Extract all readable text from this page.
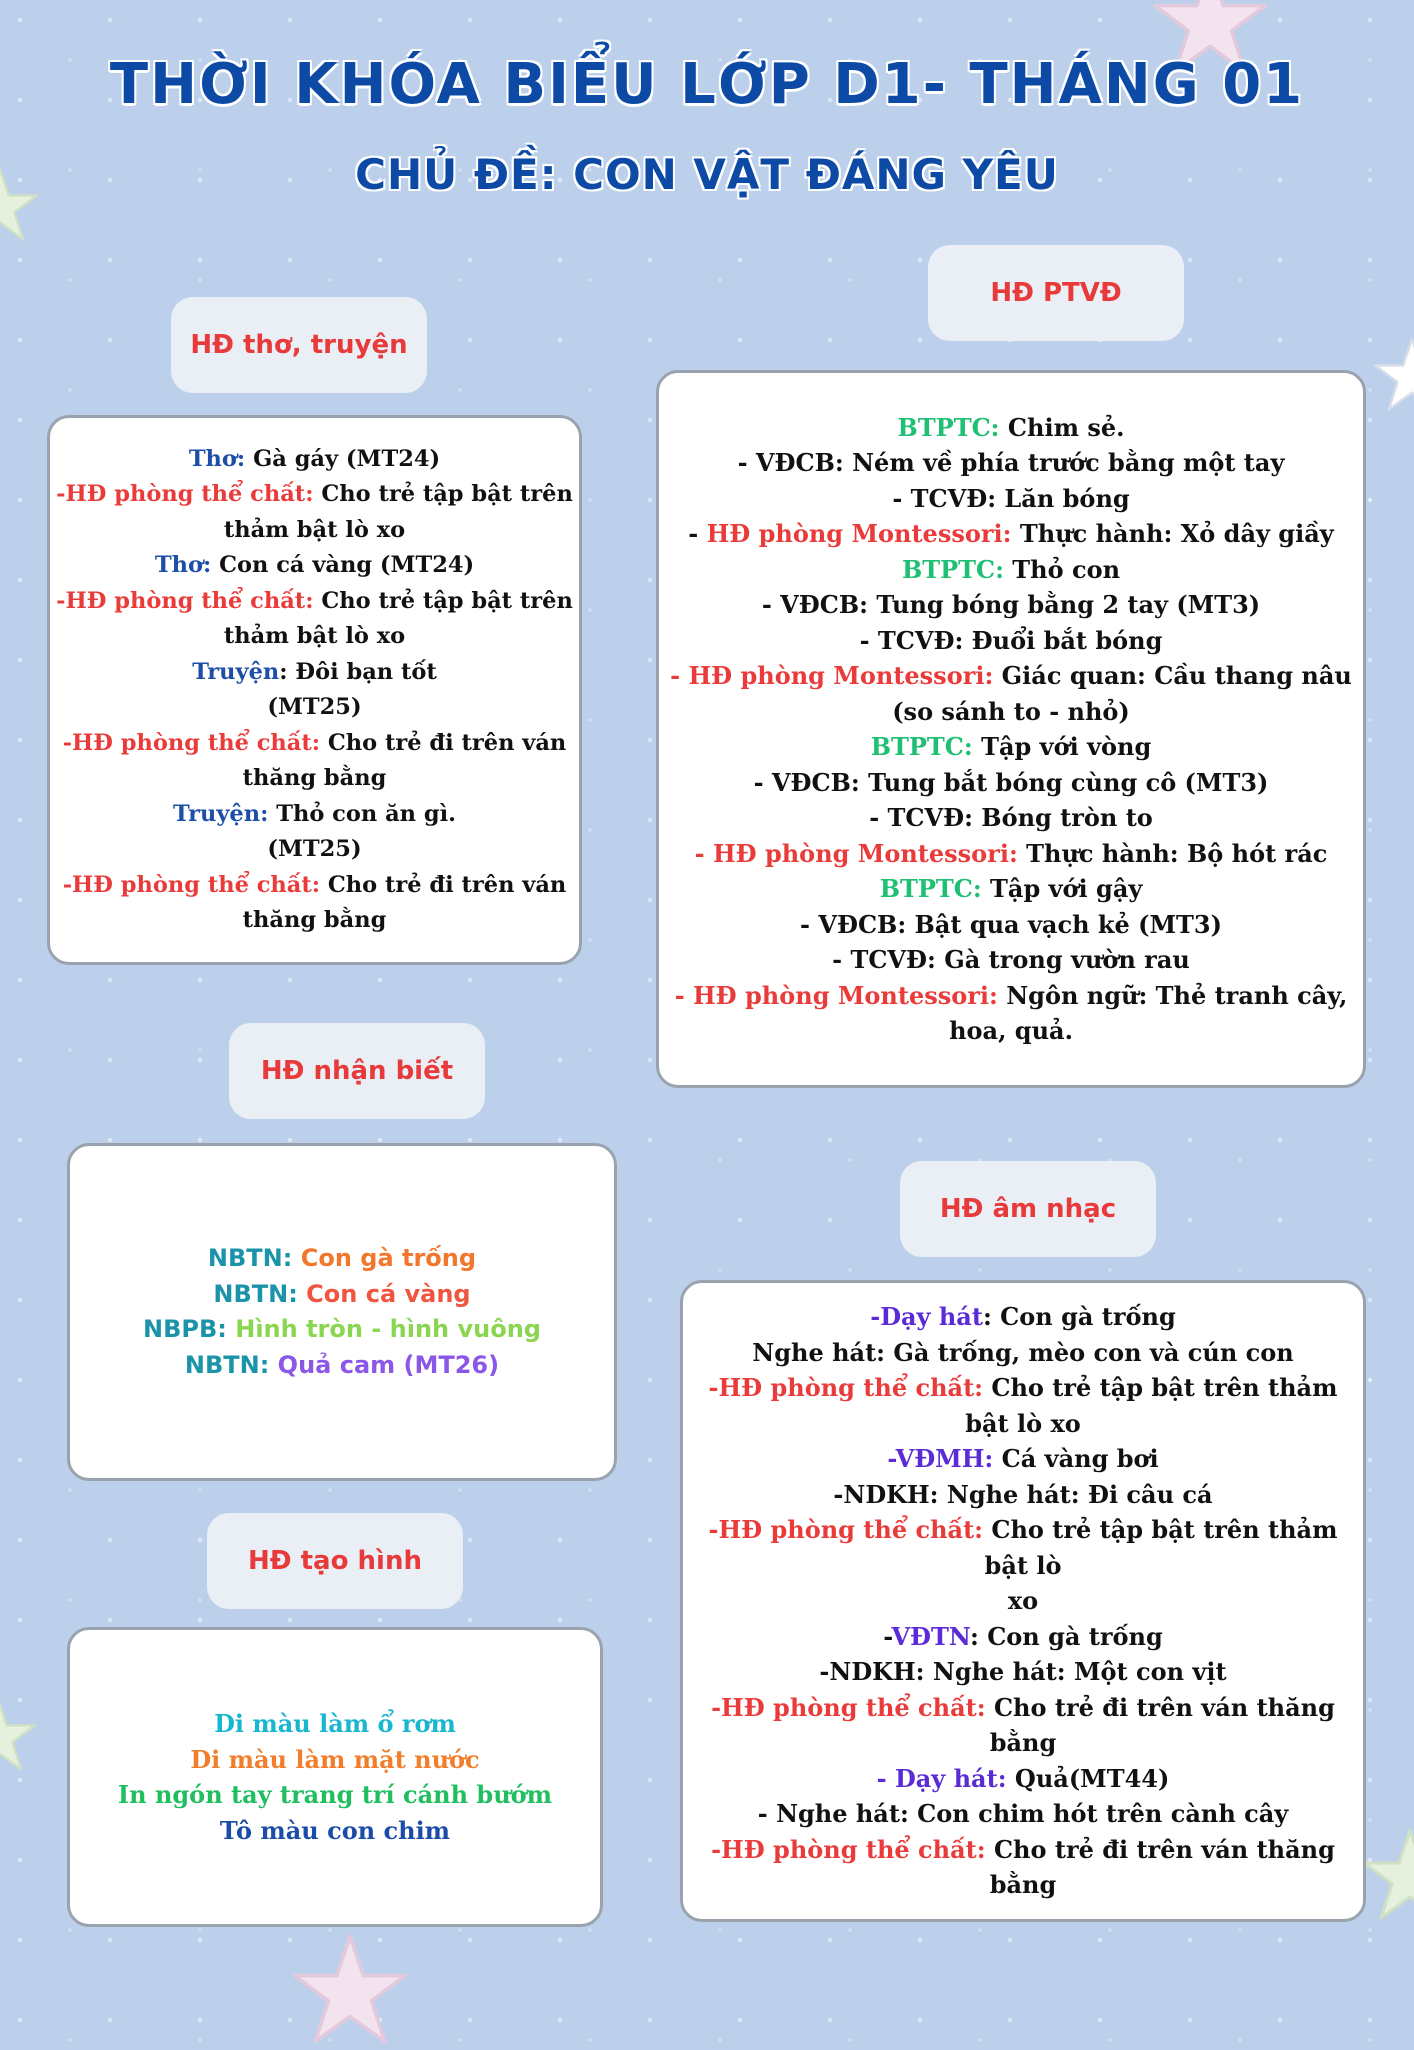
THỜI KHÓA BIỂU LỚP D1- THÁNG 01
CHỦ ĐỀ: CON VẬT ĐÁNG YÊU
HĐ thơ, truyện

Thơ: Gà gáy (MT24)

-HĐ phòng thể chất: Cho trẻ tập bật trên

thảm bật lò xo

Thơ: Con cá vàng (MT24)

-HĐ phòng thể chất: Cho trẻ tập bật trên

thảm bật lò xo

Truyện: Đôi bạn tốt

(MT25)

-HĐ phòng thể chất: Cho trẻ đi trên ván

thăng bằng

Truyện: Thỏ con ăn gì.

(MT25)

-HĐ phòng thể chất: Cho trẻ đi trên ván

thăng bằng

HĐ PTVĐ

BTPTC: Chim sẻ.

- VĐCB: Ném về phía trước bằng một tay

- TCVĐ: Lăn bóng

- HĐ phòng Montessori: Thực hành: Xỏ dây giầy

BTPTC: Thỏ con

- VĐCB: Tung bóng bằng 2 tay (MT3)

- TCVĐ: Đuổi bắt bóng

- HĐ phòng Montessori: Giác quan: Cầu thang nâu

(so sánh to - nhỏ)

BTPTC: Tập với vòng

- VĐCB: Tung bắt bóng cùng cô (MT3)

- TCVĐ: Bóng tròn to

- HĐ phòng Montessori: Thực hành: Bộ hót rác

BTPTC: Tập với gậy

- VĐCB: Bật qua vạch kẻ (MT3)

- TCVĐ: Gà trong vườn rau

- HĐ phòng Montessori: Ngôn ngữ: Thẻ tranh cây,

hoa, quả.

HĐ nhận biết

NBTN: Con gà trống

NBTN: Con cá vàng

NBPB: Hình tròn - hình vuông

NBTN: Quả cam (MT26)

HĐ âm nhạc

-Dạy hát: Con gà trống

Nghe hát: Gà trống, mèo con và cún con

-HĐ phòng thể chất: Cho trẻ tập bật trên thảm

bật lò xo

-VĐMH: Cá vàng bơi

-NDKH: Nghe hát: Đi câu cá

-HĐ phòng thể chất: Cho trẻ tập bật trên thảm bật lò

xo

-VĐTN: Con gà trống

-NDKH: Nghe hát: Một con vịt

-HĐ phòng thể chất: Cho trẻ đi trên ván thăng bằng

- Dạy hát: Quả(MT44)

- Nghe hát: Con chim hót trên cành cây

-HĐ phòng thể chất: Cho trẻ đi trên ván thăng bằng

HĐ tạo hình

Di màu làm ổ rơm

Di màu làm mặt nước

In ngón tay trang trí cánh bướm

Tô màu con chim
